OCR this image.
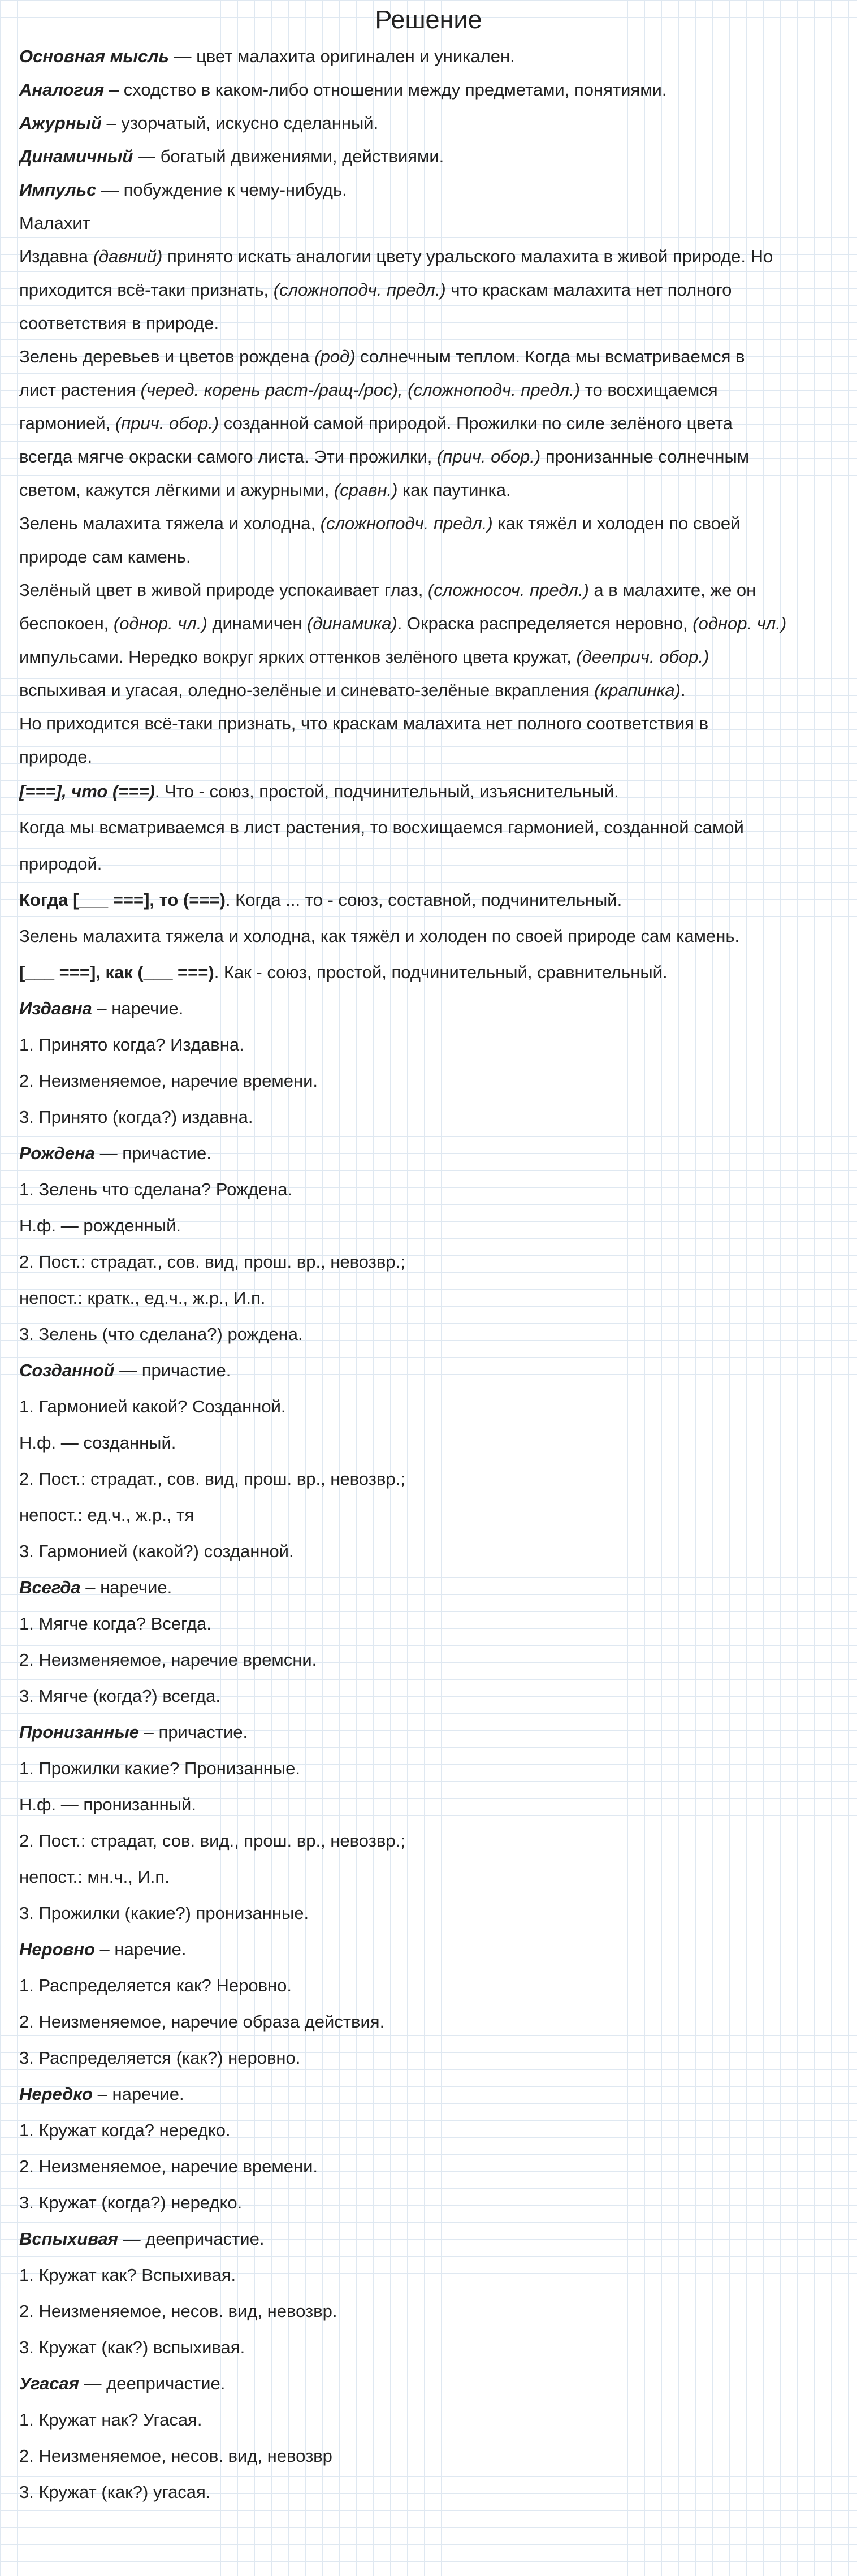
Решение
Основная мысль — цвет малахита оригинален и уникален.
Аналогия – сходство в каком-либо отношении между предметами, понятиями.
Ажурный – узорчатый, искусно сделанный.
Динамичный — богатый движениями, действиями.
Импульс — побуждение к чему-нибудь.
Малахит
Издавна (давний) принято искать аналогии цвету уральского малахита в живой природе. Но
приходится всё-таки признать, (сложноподч. предл.) что краскам малахита нет полного
соответствия в природе.
Зелень деревьев и цветов рождена (род) солнечным теплом. Когда мы всматриваемся в
лист растения (черед. корень раст-/ращ-/рос), (сложноподч. предл.) то восхищаемся
гармонией, (прич. обор.) созданной самой природой. Прожилки по силе зелёного цвета
всегда мягче окраски самого листа. Эти прожилки, (прич. обор.) пронизанные солнечным
светом, кажутся лёгкими и ажурными, (сравн.) как паутинка.
Зелень малахита тяжела и холодна, (сложноподч. предл.) как тяжёл и холоден по своей
природе сам камень.
Зелёный цвет в живой природе успокаивает глаз, (сложносоч. предл.) а в малахите, же он
беспокоен, (однор. чл.) динамичен (динамика). Окраска распределяется неровно, (однор. чл.)
импульсами. Нередко вокруг ярких оттенков зелёного цвета кружат, (дееприч. обор.)
вспыхивая и угасая, оледно-зелёные и синевато-зелёные вкрапления (крапинка).
Но приходится всё-таки признать, что краскам малахита нет полного соответствия в
природе.
[===], что (===). Что - союз, простой, подчинительный, изъяснительный.
Когда мы всматриваемся в лист растения, то восхищаемся гармонией, созданной самой
природой.
Когда [___ ===], то (===). Когда ... то - союз, составной, подчинительный.
Зелень малахита тяжела и холодна, как тяжёл и холоден по своей природе сам камень.
[___ ===], как (___ ===). Как - союз, простой, подчинительный, сравнительный.
Издавна – наречие.
1. Принято когда? Издавна.
2. Неизменяемое, наречие времени.
3. Принято (когда?) издавна.
Рождена — причастие.
1. Зелень что сделана? Рождена.
Н.ф. — рожденный.
2. Пост.: страдат., сов. вид, прош. вр., невозвр.;
непост.: кратк., ед.ч., ж.р., И.п.
3. Зелень (что сделана?) рождена.
Созданной — причастие.
1. Гармонией какой? Созданной.
Н.ф. — созданный.
2. Пост.: страдат., сов. вид, прош. вр., невозвр.;
непост.: ед.ч., ж.р., тя
3. Гармонией (какой?) созданной.
Всегда – наречие.
1. Мягче когда? Всегда.
2. Неизменяемое, наречие времсни.
3. Мягче (когда?) всегда.
Пронизанные – причастие.
1. Прожилки какие? Пронизанные.
Н.ф. — пронизанный.
2. Пост.: страдат, сов. вид., прош. вр., невозвр.;
непост.: мн.ч., И.п.
3. Прожилки (какие?) пронизанные.
Неровно – наречие.
1. Распределяется как? Неровно.
2. Неизменяемое, наречие образа действия.
3. Распределяется (как?) неровно.
Нередко – наречие.
1. Кружат когда? нередко.
2. Неизменяемое, наречие времени.
3. Кружат (когда?) нередко.
Вспыхивая — деепричастие.
1. Кружат как? Вспыхивая.
2. Неизменяемое, несов. вид, невозвр.
3. Кружат (как?) вспыхивая.
Угасая — деепричастие.
1. Кружат нак? Угасая.
2. Неизменяемое, несов. вид, невозвр
3. Кружат (как?) угасая.
